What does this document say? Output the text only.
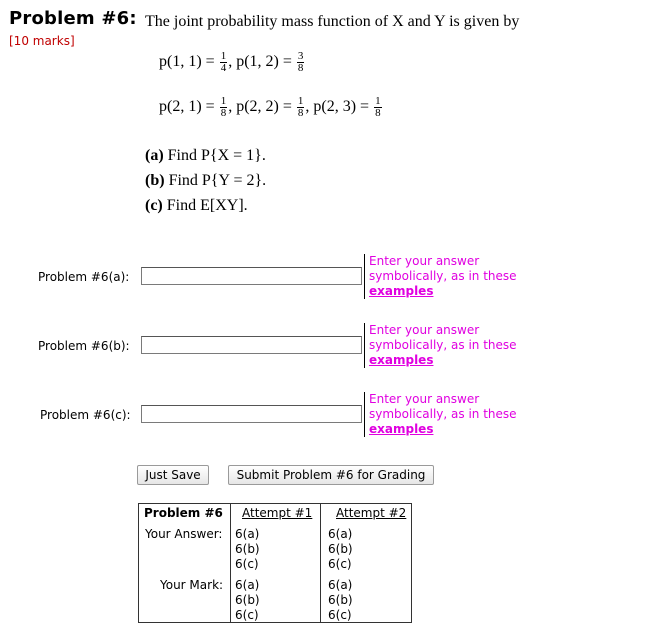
Problem #6:
[10 marks]
The joint probability mass function of X and Y is given by
p(1, $1) = \frac{1}{4}$ , p(1, $2) = \frac{3}{8}$
p(2, $1) = \frac{1}{8}$ , p(2, $2) = \frac{1}{8}$ , p(2, $3) = \frac{1}{8}$
(a) Find P{X = 1}.
(b) Find P{Y = 2}.
(c) Find E[XY].
Problem #6(a):
Enter your answer
symbolically, as in these
examples
Problem #6(b):
Enter your answer
symbolically, as in these
examples
Problem #6(c):
Enter your answer
symbolically, as in these
examples
Just Save	Submit Problem #6 for Grading
Problem #6 Attempt #1 Attempt #2
Your Answer: 6(a)
6(b)
6(c)
6(a)
6(b)
6(c)
Your Mark: 6(a)
6(b)
6(c)
6(a)
6(b)
6(c)
